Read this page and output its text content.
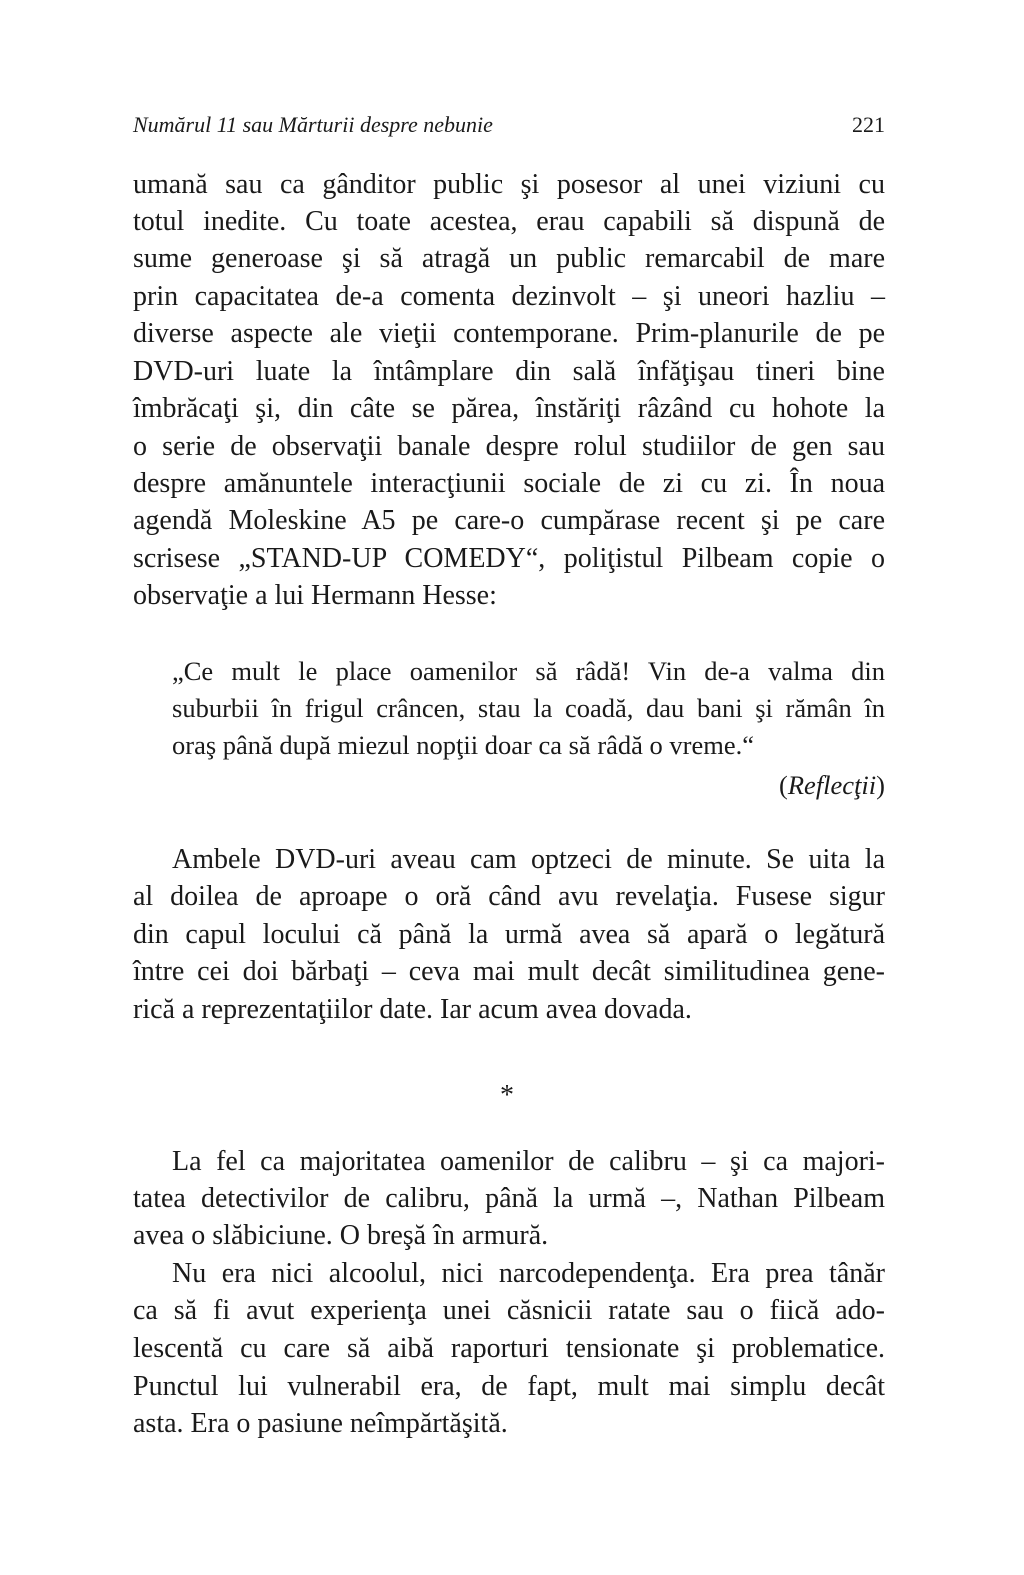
Numărul 11 sau Mărturii despre nebunie	221
umană sau ca gânditor public şi posesor al unei viziuni cu
totul inedite. Cu toate acestea, erau capabili să dispună de
sume generoase şi să atragă un public remarcabil de mare
prin capacitatea de-a comenta dezinvolt – şi uneori hazliu –
diverse aspecte ale vieţii contemporane. Prim-planurile de pe
DVD-uri luate la întâmplare din sală înfăţişau tineri bine
îmbrăcaţi şi, din câte se părea, înstăriţi râzând cu hohote la
o serie de observaţii banale despre rolul studiilor de gen sau
despre amănuntele interacţiunii sociale de zi cu zi. În noua
agendă Moleskine A5 pe care-o cumpărase recent şi pe care
scrisese „STAND-UP COMEDY“, poliţistul Pilbeam copie o
observaţie a lui Hermann Hesse:
„Ce mult le place oamenilor să râdă! Vin de-a valma din
suburbii în frigul crâncen, stau la coadă, dau bani şi rămân în
oraş până după miezul nopţii doar ca să râdă o vreme.“
(Reflecţii)
Ambele DVD-uri aveau cam optzeci de minute. Se uita la
al doilea de aproape o oră când avu revelaţia. Fusese sigur
din capul locului că până la urmă avea să apară o legătură
între cei doi bărbaţi – ceva mai mult decât similitudinea gene-
rică a reprezentaţiilor date. Iar acum avea dovada.
*
La fel ca majoritatea oamenilor de calibru – şi ca majori-
tatea detectivilor de calibru, până la urmă –, Nathan Pilbeam
avea o slăbiciune. O breşă în armură.
Nu era nici alcoolul, nici narcodependenţa. Era prea tânăr
ca să fi avut experienţa unei căsnicii ratate sau o fiică ado-
lescentă cu care să aibă raporturi tensionate şi problematice.
Punctul lui vulnerabil era, de fapt, mult mai simplu decât
asta. Era o pasiune neîmpărtăşită.
